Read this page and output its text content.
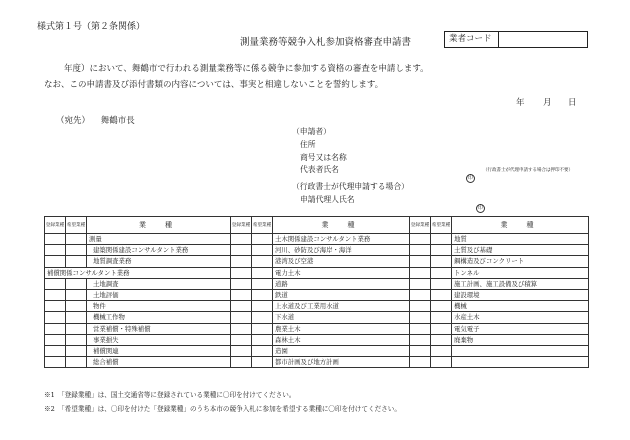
様式第１号（第２条関係）
測量業務等競争入札参加資格審査申請書	業者コード
年度）において、舞鶴市で行われる測量業務等に係る競争に参加する資格の審査を申請します。
なお、この申請書及び添付書類の内容については、事実と相違しないことを誓約します。
年 月 日
（宛先） 舞鶴市長
（申請者）
住所
商号又は名称
代表者氏名
印
（行政書士が代理申請する場合は押印不要）
（行政書士が代理申請する場合）
申請代理人氏名
印
登録業種	希望業種	業　種	登録業種	希望業種	業　種	登録業種	希望業種	業　種
		測量			土木関係建設コンサルタント業務			地質
		建築関係建設コンサルタント業務			河川、砂防及び海岸・海洋			土質及び基礎
		地質調査業務			港湾及び空港			鋼構造及びコンクリート
補償関係コンサルタント業務					電力土木			トンネル
		土地調査			道路			施工計画、施工設備及び積算
		土地評価			鉄道			建設環境
		物件			上水道及び工業用水道			機械
		機械工作物			下水道			水産土木
		営業補償・特殊補償			農業土木			電気電子
		事業損失			森林土木			廃棄物
		補償関連			造園			
		総合補償			都市計画及び地方計画			
※1　「登録業種」は、国土交通省等に登録されている業種に〇印を付けてください。
※2　「希望業種」は、〇印を付けた「登録業種」のうち本市の競争入札に参加を希望する業種に〇印を付けてください。
